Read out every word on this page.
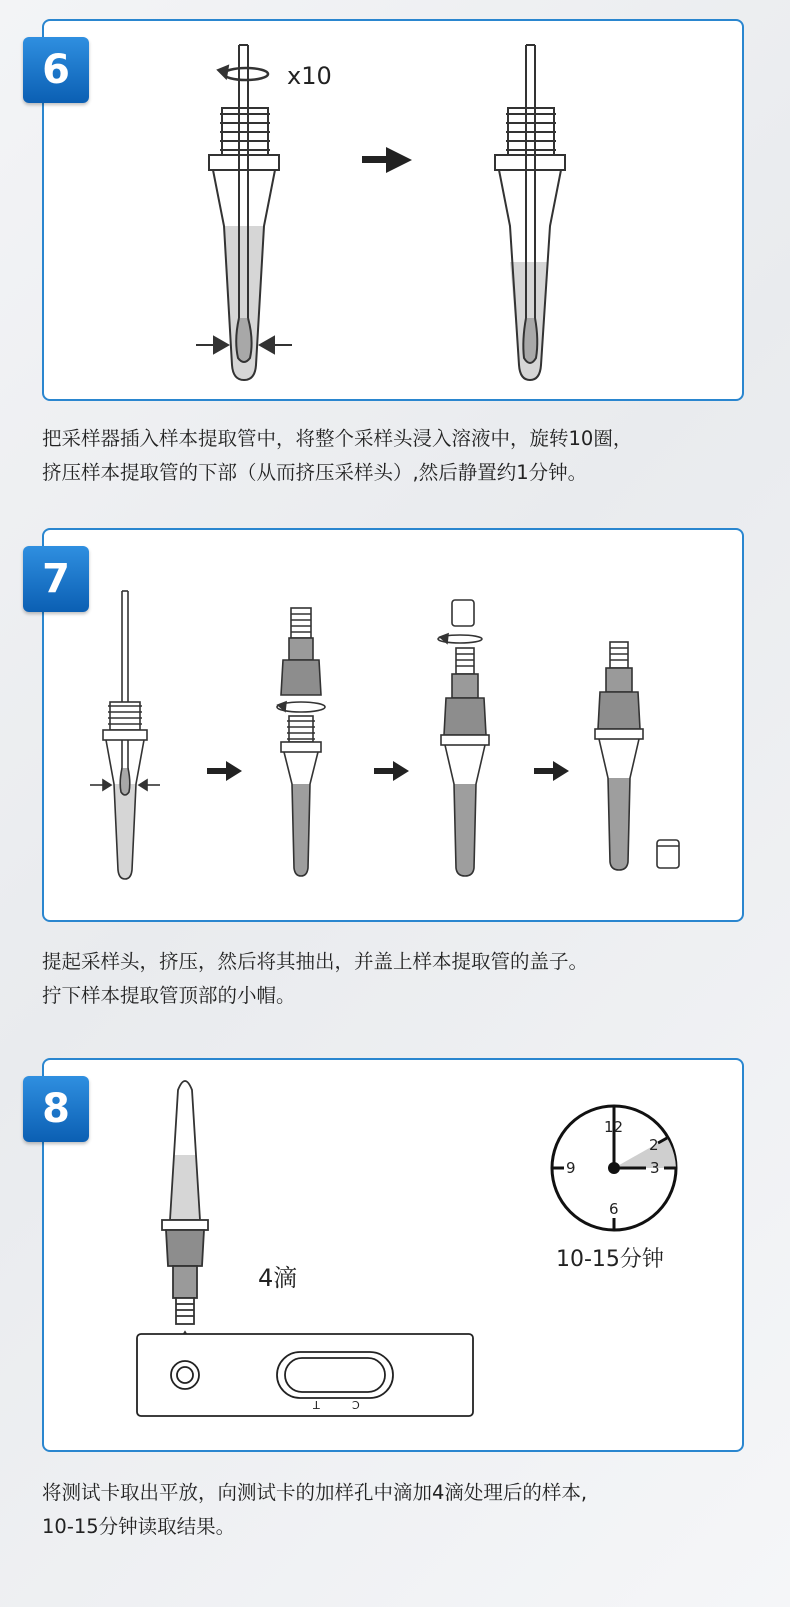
6	x10
把采样器插入样本提取管中，将整个采样头浸入溶液中，旋转10圈，
挤压样本提取管的下部（从而挤压采样头）,然后静置约1分钟。
7
提起采样头，挤压，然后将其抽出，并盖上样本提取管的盖子。
拧下样本提取管顶部的小帽。
8
4滴
T	C
12
2
3
6
9
10-15分钟
将测试卡取出平放，向测试卡的加样孔中滴加4滴处理后的样本,
10-15分钟读取结果。
